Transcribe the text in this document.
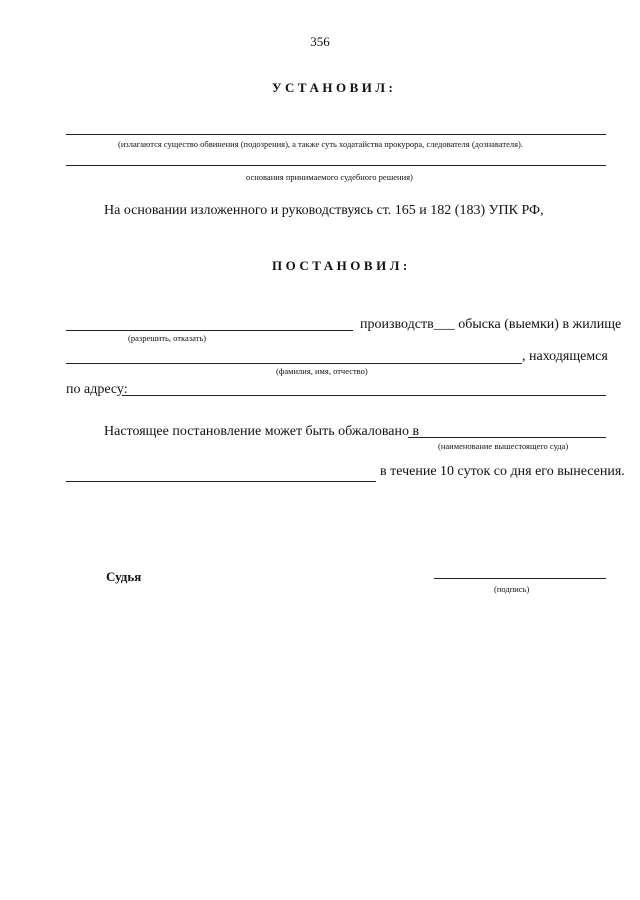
356
УСТАНОВИЛ:
(излагаются существо обвинения (подозрения), а также суть ходатайства прокурора, следователя (дознавателя).
основания принимаемого судебного решения)
На основании изложенного и руководствуясь ст. 165 и 182 (183) УПК РФ,
ПОСТАНОВИЛ:
производств___ обыска (выемки) в жилище
(разрешить, отказать)
, находящемся
(фамилия, имя, отчество)
по адресу:
Настоящее постановление может быть обжаловано в
(наименование вышестоящего суда)
в течение 10 суток со дня его вынесения.
Судья
(подпись)
